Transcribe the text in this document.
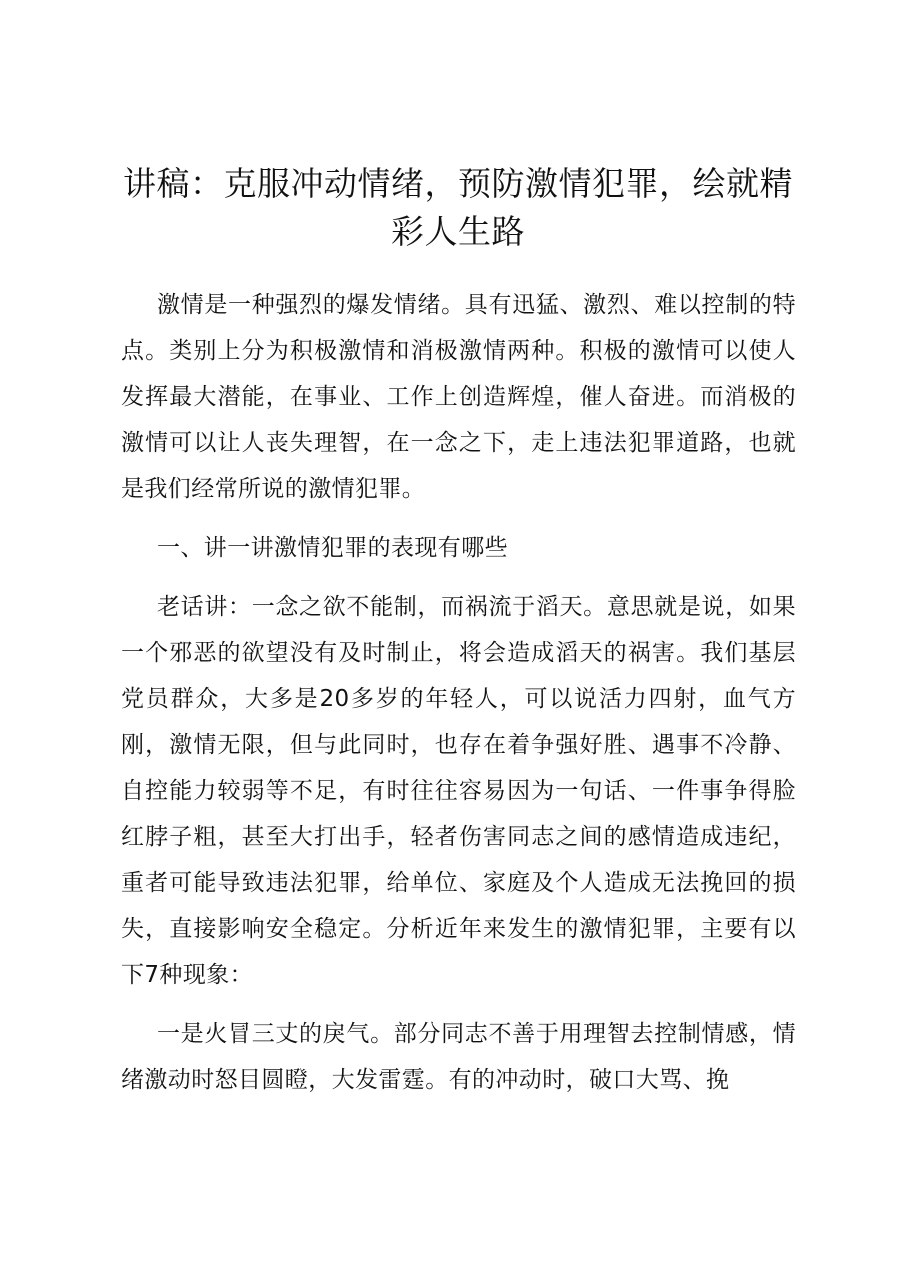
讲稿：克服冲动情绪，预防激情犯罪，绘就精彩人生路

激情是一种强烈的爆发情绪。具有迅猛、激烈、难以控制的特点。类别上分为积极激情和消极激情两种。积极的激情可以使人发挥最大潜能，在事业、工作上创造辉煌，催人奋进。而消极的激情可以让人丧失理智，在一念之下，走上违法犯罪道路，也就是我们经常所说的激情犯罪。

一、讲一讲激情犯罪的表现有哪些

老话讲：一念之欲不能制，而祸流于滔天。意思就是说，如果一个邪恶的欲望没有及时制止，将会造成滔天的祸害。我们基层党员群众，大多是20多岁的年轻人，可以说活力四射，血气方刚，激情无限，但与此同时，也存在着争强好胜、遇事不冷静、自控能力较弱等不足，有时往往容易因为一句话、一件事争得脸红脖子粗，甚至大打出手，轻者伤害同志之间的感情造成违纪，重者可能导致违法犯罪，给单位、家庭及个人造成无法挽回的损失，直接影响安全稳定。分析近年来发生的激情犯罪，主要有以下7种现象：

一是火冒三丈的戾气。部分同志不善于用理智去控制情感，情绪激动时怒目圆瞪，大发雷霆。有的冲动时，破口大骂、挽
